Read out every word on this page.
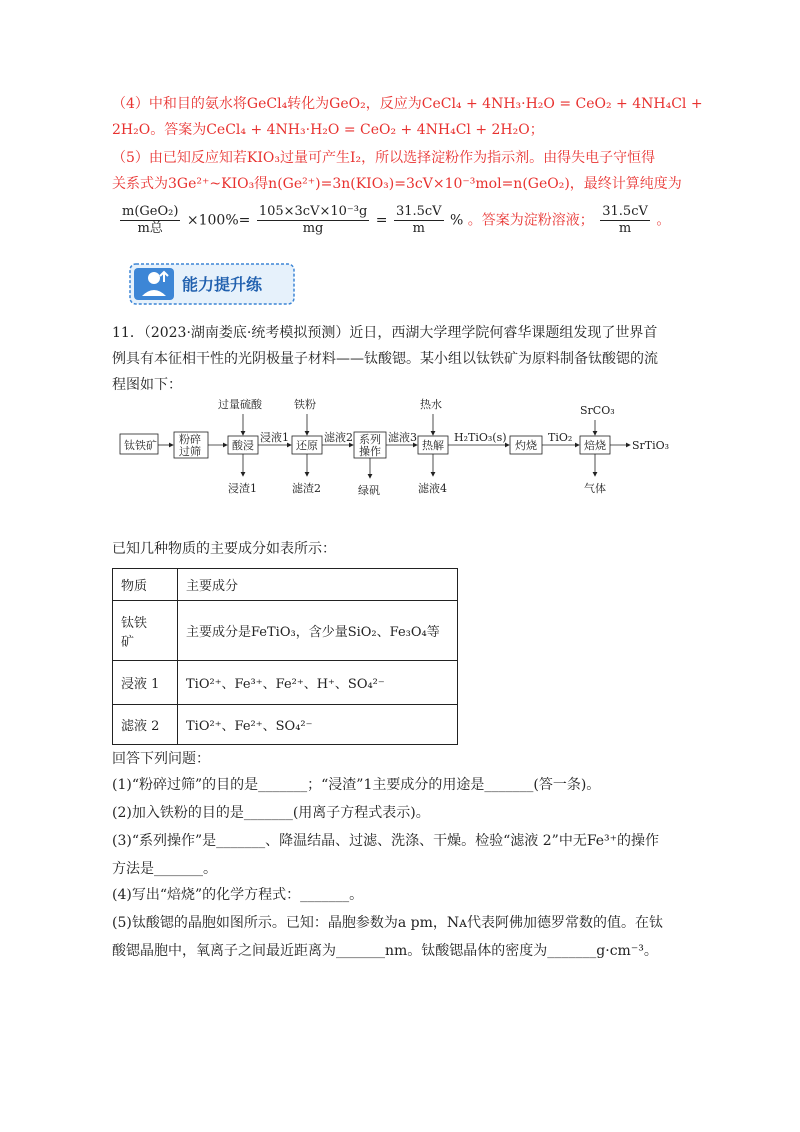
（4）中和目的氨水将GeCl₄转化为GeO₂，反应为CeCl₄ + 4NH₃·H₂O = CeO₂ + 4NH₄Cl +
2H₂O。答案为CeCl₄ + 4NH₃·H₂O = CeO₂ + 4NH₄Cl + 2H₂O；
（5）由已知反应知若KIO₃过量可产生I₂，所以选择淀粉作为指示剂。由得失电子守恒得
关系式为3Ge²⁺~KIO₃得n(Ge²⁺)=3n(KIO₃)=3cV×10⁻³mol=n(GeO₂)，最终计算纯度为
$\frac{\text{m(GeO₂)}}{\text{m总}} \times 100\%= \frac{\text{105×3cV×10⁻³g}}{mg} = \frac{31.5cV}{m}$ % 。答案为淀粉溶液； $\frac{31.5cV}{m}$ 。
能力提升练
11．（2023·湖南娄底·统考模拟预测）近日，西湖大学理学院何睿华课题组发现了世界首
例具有本征相干性的光阴极量子材料——钛酸锶。某小组以钛铁矿为原料制备钛酸锶的流
程图如下：
钛铁矿 粉碎
过筛	酸浸	还原	系列
操作	热解	灼烧	焙烧
过量硫酸	铁粉	热水	SrCO₃
浸液1	滤液2	滤液3	H₂TiO₃(s)	TiO₂
浸渣1	滤渣2	绿矾	滤液4	气体
SrTiO₃
已知几种物质的主要成分如表所示：
物质	主要成分

钛铁
矿	主要成分是FeTiO₃，含少量SiO₂、Fe₃O₄等
浸液 1	TiO²⁺、Fe³⁺、Fe²⁺、H⁺、SO₄²⁻
滤液 2	TiO²⁺、Fe²⁺、SO₄²⁻
回答下列问题：
(1)“粉碎过筛”的目的是_______；“浸渣”1主要成分的用途是_______(答一条)。
(2)加入铁粉的目的是_______(用离子方程式表示)。
(3)“系列操作”是_______、降温结晶、过滤、洗涤、干燥。检验“滤液 2”中无Fe³⁺的操作
方法是_______。
(4)写出“焙烧”的化学方程式：_______。
(5)钛酸锶的晶胞如图所示。已知：晶胞参数为a pm，Nᴀ代表阿佛加德罗常数的值。在钛
酸锶晶胞中，氧离子之间最近距离为_______nm。钛酸锶晶体的密度为_______g·cm⁻³。
